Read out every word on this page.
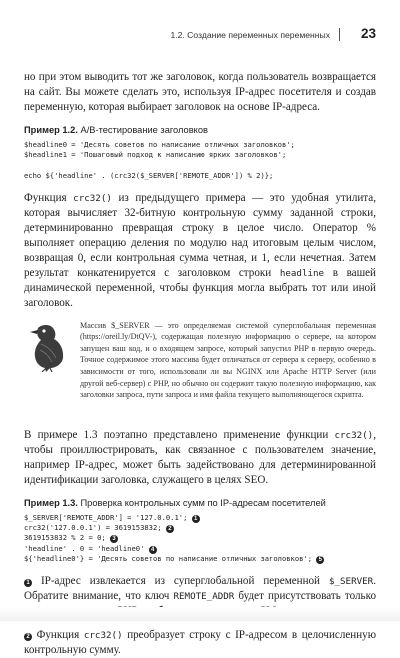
1.2. Создание переменных переменных 23

но при этом выводить тот же заголовок, когда пользователь возвращается на сайт. Вы можете сделать это, используя IP-адрес посетителя и создав переменную, которая выбирает заголовок на основе IP-адреса.

Пример 1.2. A/B-тестирование заголовков
$headline0 = 'Десять советов по написание отличных заголовков';
$headline1 = 'Пошаговый подход к написанию ярких заголовков';

echo ${'headline' . (crc32($_SERVER['REMOTE_ADDR']) % 2)};

Функция crc32() из предыдущего примера — это удобная утилита, которая вычисляет 32-битную контрольную сумму заданной строки, детерминированно превращая строку в целое число. Оператор % выполняет операцию деления по модулю над итоговым целым числом, возвращая 0, если контрольная сумма четная, и 1, если нечетная. Затем результат конкатенируется с заголовком строки headline в вашей динамической переменной, чтобы функция могла выбрать тот или иной заголовок.

Массив $_SERVER — это определяемая системой суперглобальная переменная (https://oreil.ly/DtQV-), содержащая полезную информацию о сервере, на котором запущен ваш код, и о входящем запросе, который запустил PHP в первую очередь. Точное содержимое этого массива будет отличаться от сервера к серверу, особенно в зависимости от того, использовали ли вы NGINX или Apache HTTP Server (или другой веб-сервер) с PHP, но обычно он содержит такую полезную информацию, как заголовки запроса, пути запроса и имя файла текущего выполняющегося скрипта.

В примере 1.3 поэтапно представлено применение функции crc32(), чтобы проиллюстрировать, как связанное с пользователем значение, например IP-адрес, может быть задействовано для детерминированной идентификации заголовка, служащего в целях SEO.

Пример 1.3. Проверка контрольных сумм по IP-адресам посетителей
$_SERVER['REMOTE_ADDR'] = '127.0.0.1'; 1
crc32('127.0.0.1') = 3619153832; 2
3619153832 % 2 = 0; 3
'headline' . 0 = 'headline0' 4
${'headline0'} = 'Десять советов по написание отличных заголовков'; 5

1 IP-адрес извлекается из суперглобальной переменной $_SERVER. Обратите внимание, что ключ REMOTE_ADDR будет присутствовать только

2 Функция crc32() преобразует строку с IP-адресом в целочисленную контрольную сумму.
